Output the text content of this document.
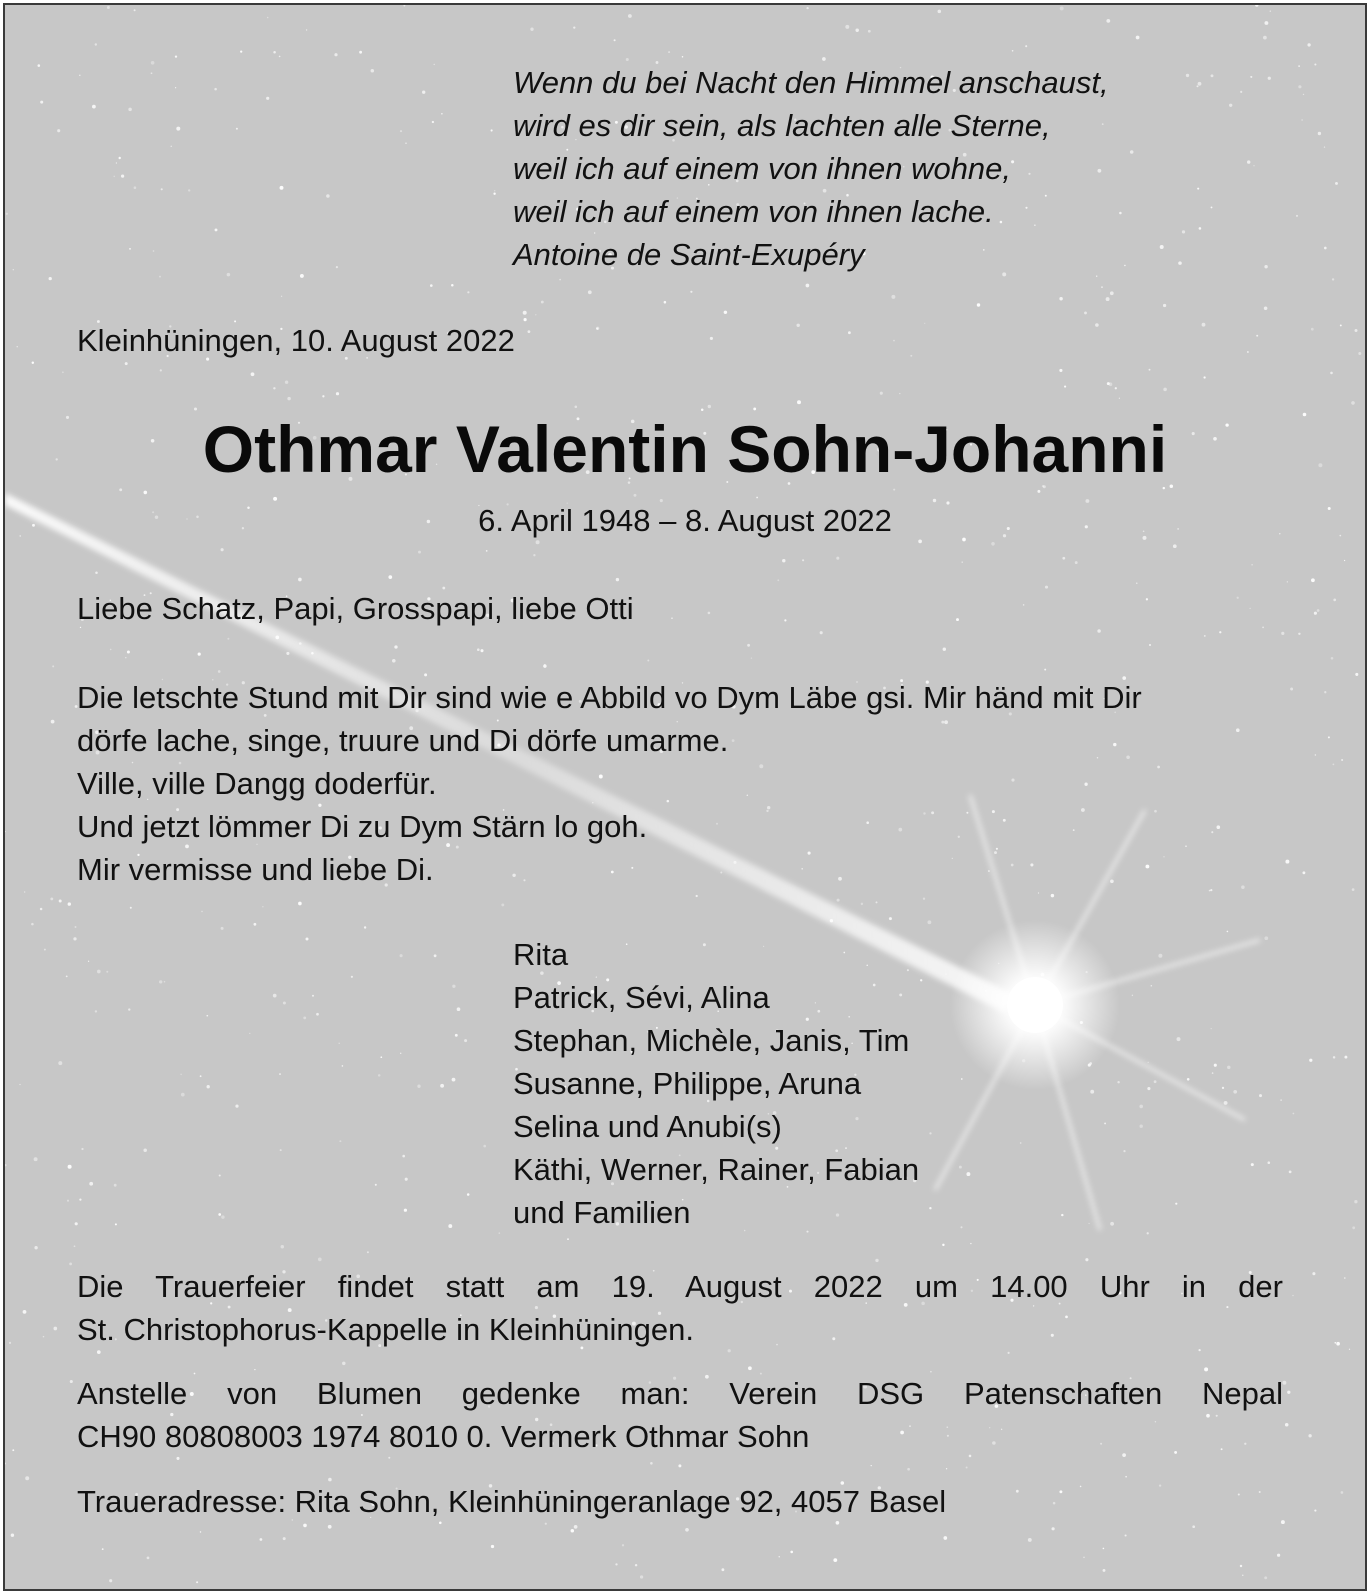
Wenn du bei Nacht den Himmel anschaust,
wird es dir sein, als lachten alle Sterne,
weil ich auf einem von ihnen wohne,
weil ich auf einem von ihnen lache.
Antoine de Saint-Exupéry
Kleinhüningen, 10. August 2022
Othmar Valentin Sohn-Johanni
6. April 1948 – 8. August 2022
Liebe Schatz, Papi, Grosspapi, liebe Otti
Die letschte Stund mit Dir sind wie e Abbild vo Dym Läbe gsi. Mir händ mit Dir
dörfe lache, singe, truure und Di dörfe umarme.
Ville, ville Dangg doderfür.
Und jetzt lömmer Di zu Dym Stärn lo goh.
Mir vermisse und liebe Di.
Rita
Patrick, Sévi, Alina
Stephan, Michèle, Janis, Tim
Susanne, Philippe, Aruna
Selina und Anubi(s)
Käthi, Werner, Rainer, Fabian
und Familien
Die Trauerfeier findet statt am 19. August 2022 um 14.00 Uhr in der
St. Christophorus-Kappelle in Kleinhüningen.
Anstelle von Blumen gedenke man: Verein DSG Patenschaften Nepal
CH90 80808003 1974 8010 0. Vermerk Othmar Sohn
Traueradresse: Rita Sohn, Kleinhüningeranlage 92, 4057 Basel
